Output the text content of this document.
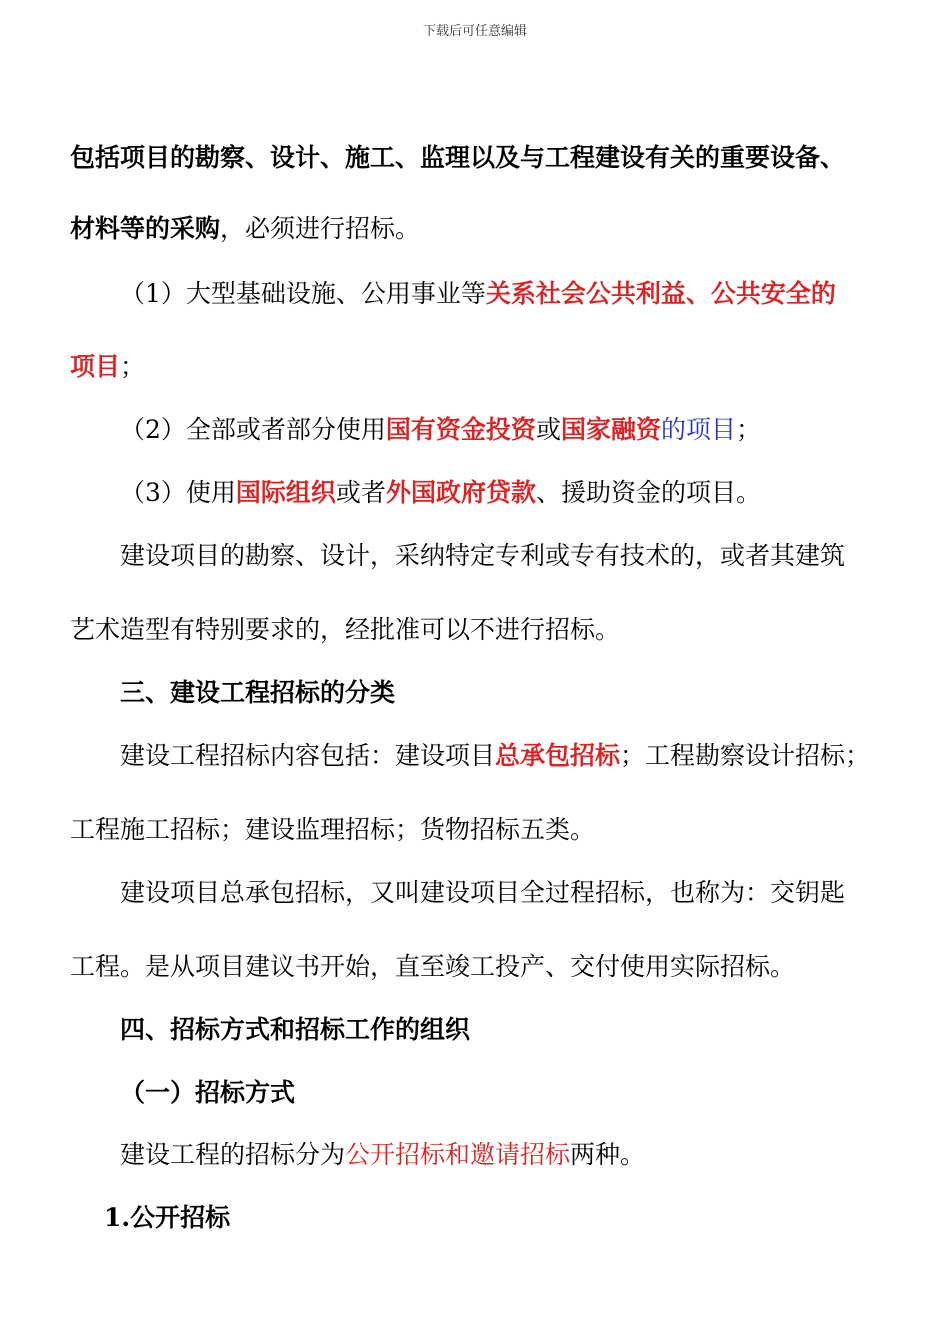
下载后可任意编辑
包括项目的勘察、设计、施工、监理以及与工程建设有关的重要设备、
材料等的采购，必须进行招标。
（1）大型基础设施、公用事业等关系社会公共利益、公共安全的
项目；
（2）全部或者部分使用国有资金投资或国家融资的项目；
（3）使用国际组织或者外国政府贷款、援助资金的项目。
建设项目的勘察、设计，采纳特定专利或专有技术的，或者其建筑
艺术造型有特别要求的，经批准可以不进行招标。
三、建设工程招标的分类
建设工程招标内容包括：建设项目总承包招标；工程勘察设计招标；
工程施工招标；建设监理招标；货物招标五类。
建设项目总承包招标，又叫建设项目全过程招标，也称为：交钥匙
工程。是从项目建议书开始，直至竣工投产、交付使用实际招标。
四、招标方式和招标工作的组织
（一）招标方式
建设工程的招标分为公开招标和邀请招标两种。
1.公开招标
